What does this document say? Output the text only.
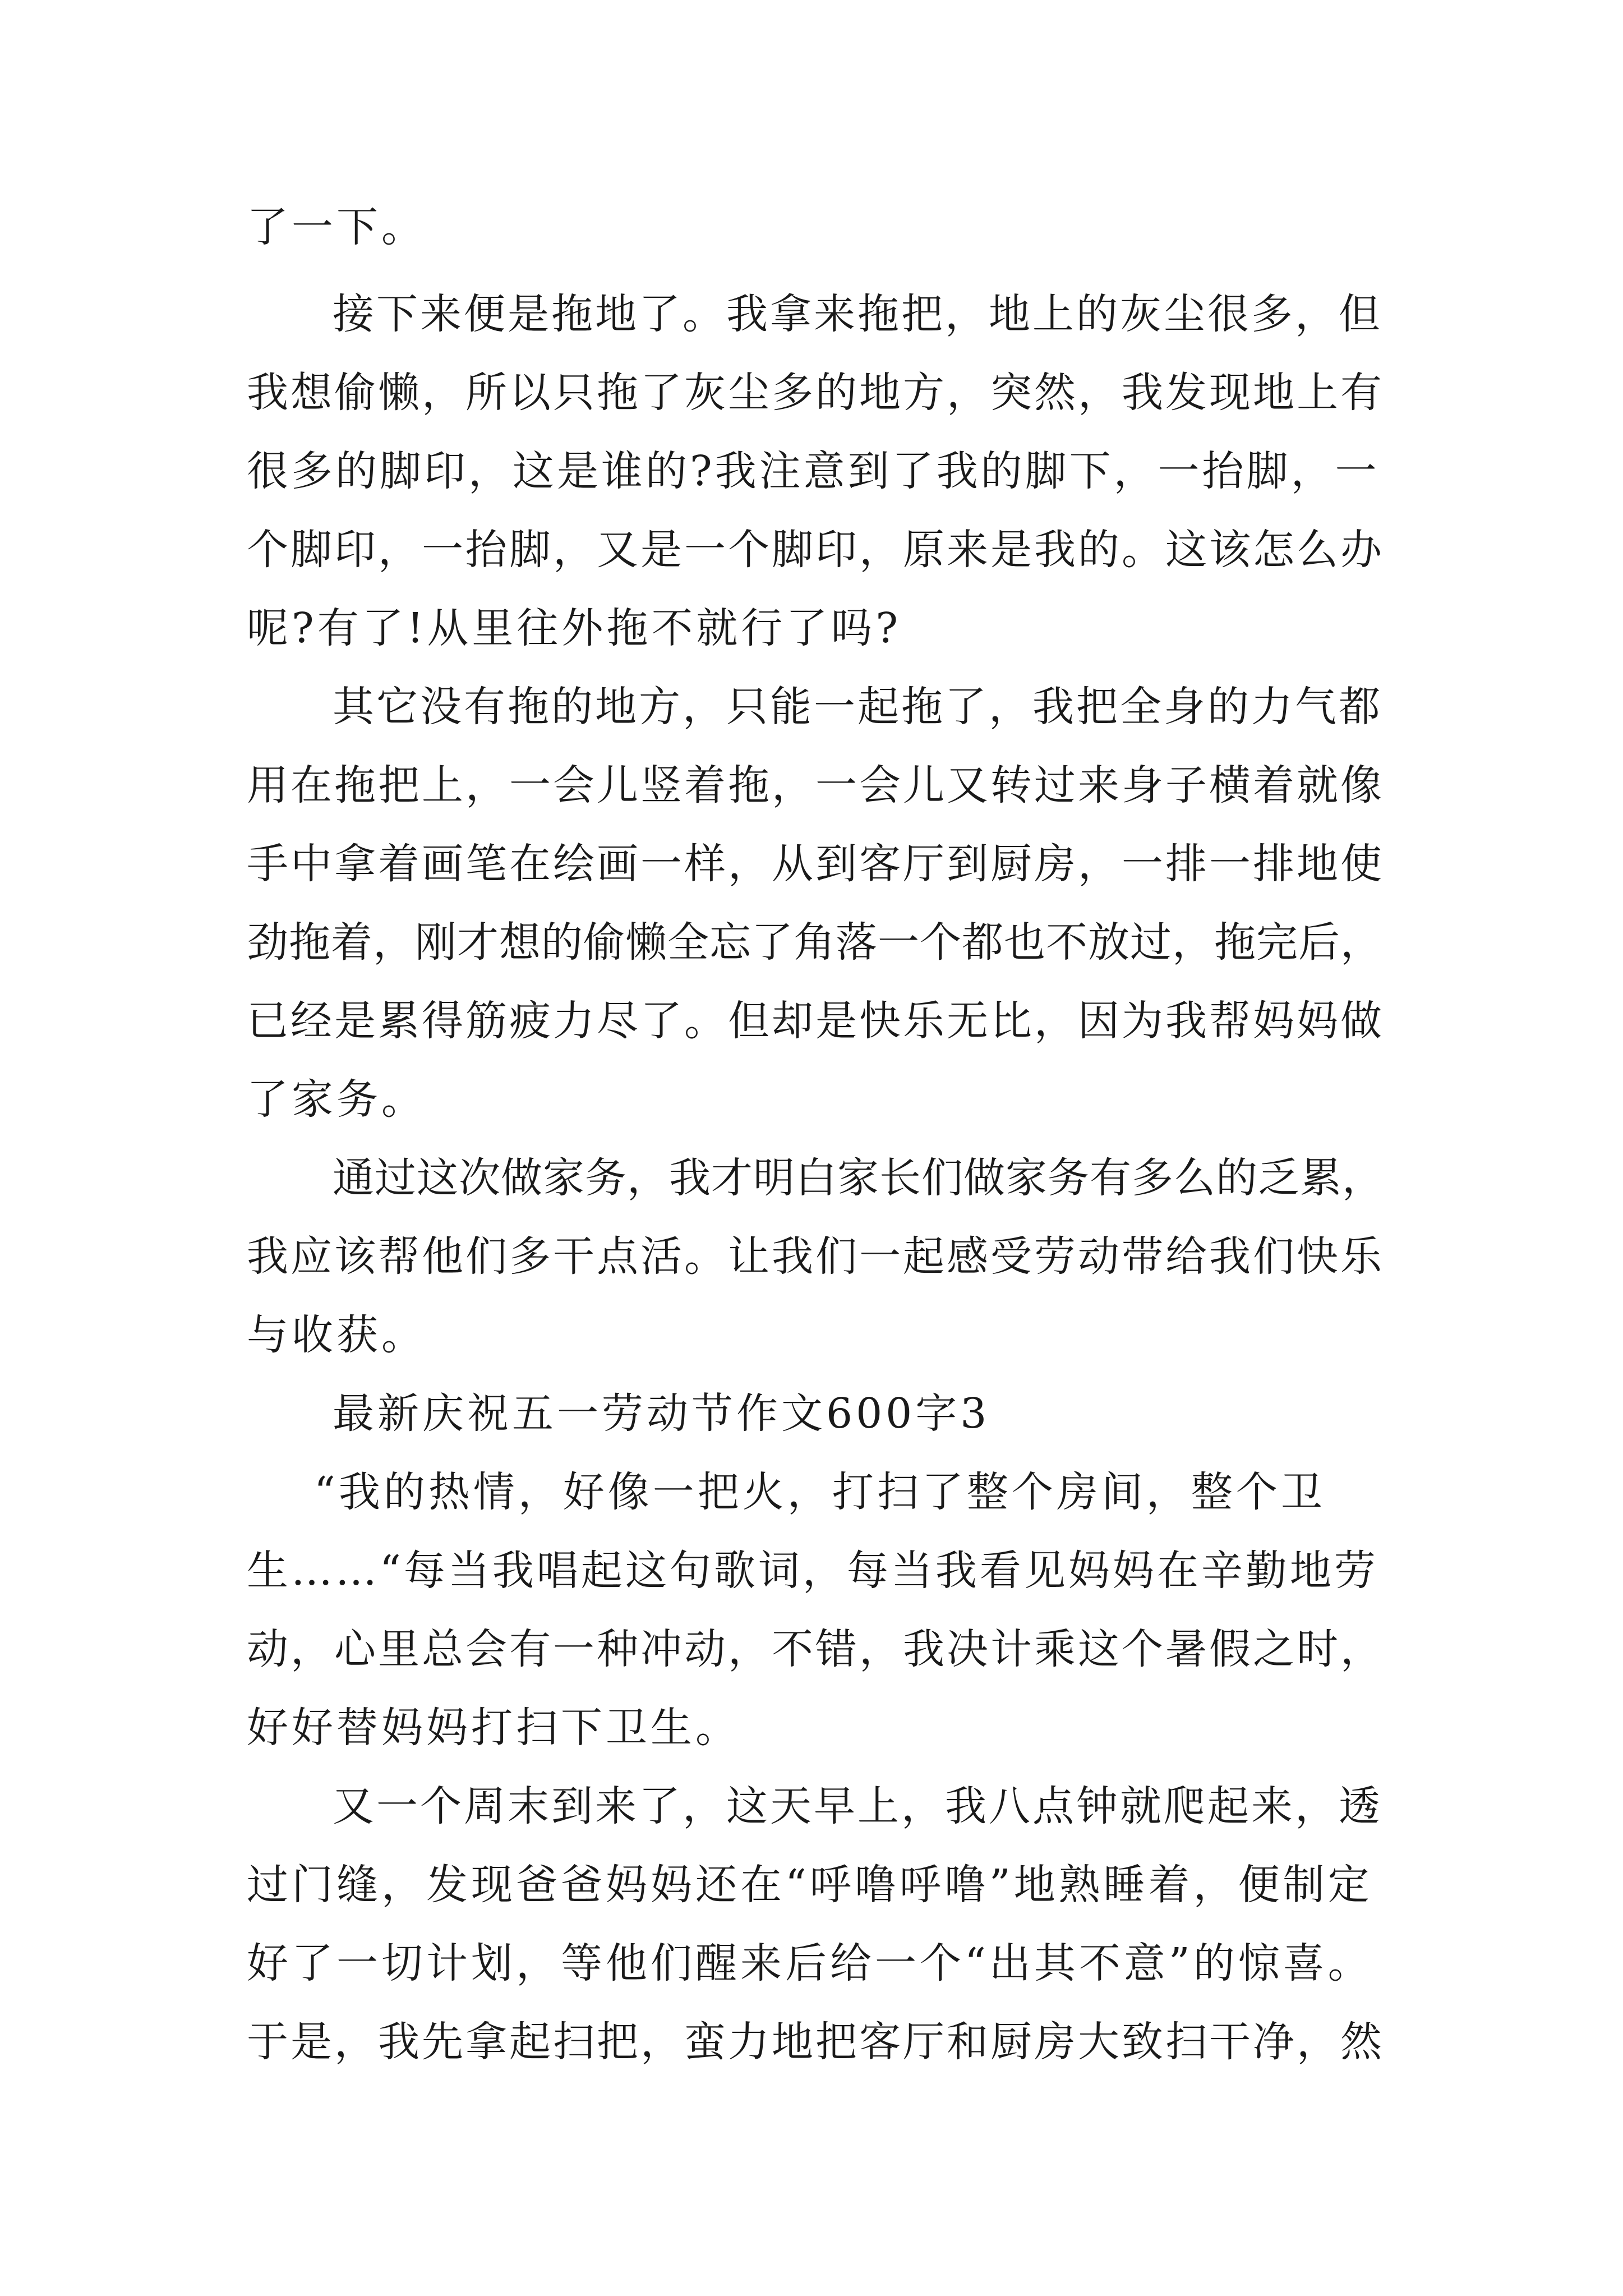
了一下。
接下来便是拖地了。我拿来拖把，地上的灰尘很多，但
我想偷懒，所以只拖了灰尘多的地方，突然，我发现地上有
很多的脚印，这是谁的?我注意到了我的脚下，一抬脚，一
个脚印，一抬脚，又是一个脚印，原来是我的。这该怎么办
呢?有了!从里往外拖不就行了吗?
其它没有拖的地方，只能一起拖了，我把全身的力气都
用在拖把上，一会儿竖着拖，一会儿又转过来身子横着就像
手中拿着画笔在绘画一样，从到客厅到厨房，一排一排地使
劲拖着，刚才想的偷懒全忘了角落一个都也不放过，拖完后，
已经是累得筋疲力尽了。但却是快乐无比，因为我帮妈妈做
了家务。
通过这次做家务，我才明白家长们做家务有多么的乏累，
我应该帮他们多干点活。让我们一起感受劳动带给我们快乐
与收获。
最新庆祝五一劳动节作文600字3
“我的热情，好像一把火，打扫了整个房间，整个卫
生……“每当我唱起这句歌词，每当我看见妈妈在辛勤地劳
动，心里总会有一种冲动，不错，我决计乘这个暑假之时，
好好替妈妈打扫下卫生。
又一个周末到来了，这天早上，我八点钟就爬起来，透
过门缝，发现爸爸妈妈还在“呼噜呼噜”地熟睡着，便制定
好了一切计划，等他们醒来后给一个“出其不意”的惊喜。
于是，我先拿起扫把，蛮力地把客厅和厨房大致扫干净，然
